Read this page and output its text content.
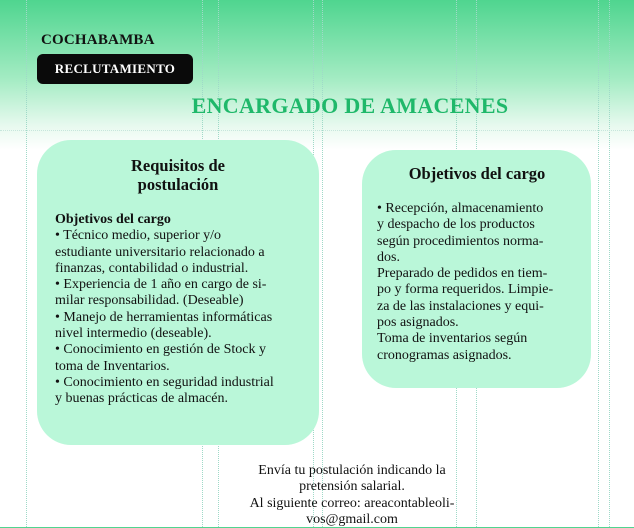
COCHABAMBA
RECLUTAMIENTO
ENCARGADO DE AMACENES
Requisitos de
postulación
Objetivos del cargo
• Técnico medio, superior y/o
estudiante universitario relacionado a
finanzas, contabilidad o industrial.
• Experiencia de 1 año en cargo de si-
milar responsabilidad. (Deseable)
• Manejo de herramientas informáticas
nivel intermedio (deseable).
• Conocimiento en gestión de Stock y
toma de Inventarios.
• Conocimiento en seguridad industrial
y buenas prácticas de almacén.
Objetivos del cargo
• Recepción, almacenamiento
y despacho de los productos
según procedimientos norma-
dos.
Preparado de pedidos en tiem-
po y forma requeridos. Limpie-
za de las instalaciones y equi-
pos asignados.
Toma de inventarios según
cronogramas asignados.
Envía tu postulación indicando la
pretensión salarial.
Al siguiente correo: areacontableoli-
vos@gmail.com
